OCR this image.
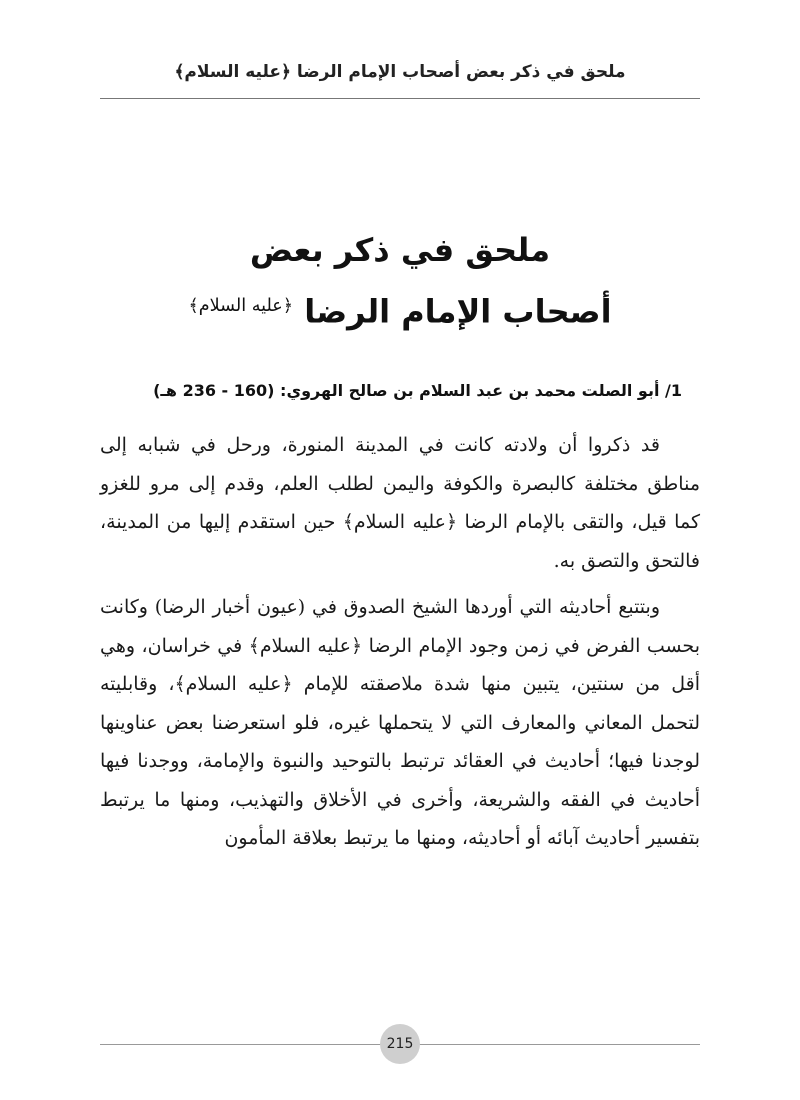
ملحق في ذكر بعض أصحاب الإمام الرضا ﴿عليه السلام﴾
ملحق في ذكر بعض
أصحاب الإمام الرضا $^{﴿عليه السلام﴾}$
1/ أبو الصلت محمد بن عبد السلام بن صالح الهروي: (160 - 236 هـ)

قد ذكروا أن ولادته كانت في المدينة المنورة، ورحل في شبابه إلى مناطق مختلفة كالبصرة والكوفة واليمن لطلب العلم، وقدم إلى مرو للغزو كما قيل، والتقى بالإمام الرضا ﴿عليه السلام﴾ حين استقدم إليها من المدينة، فالتحق والتصق به.

وبتتبع أحاديثه التي أوردها الشيخ الصدوق في (عيون أخبار الرضا) وكانت بحسب الفرض في زمن وجود الإمام الرضا ﴿عليه السلام﴾ في خراسان، وهي أقل من سنتين، يتبين منها شدة ملاصقته للإمام ﴿عليه السلام﴾، وقابليته لتحمل المعاني والمعارف التي لا يتحملها غيره، فلو استعرضنا بعض عناوينها لوجدنا فيها؛ أحاديث في العقائد ترتبط بالتوحيد والنبوة والإمامة، ووجدنا فيها أحاديث في الفقه والشريعة، وأخرى في الأخلاق والتهذيب، ومنها ما يرتبط بتفسير أحاديث آبائه أو أحاديثه، ومنها ما يرتبط بعلاقة المأمون

215
